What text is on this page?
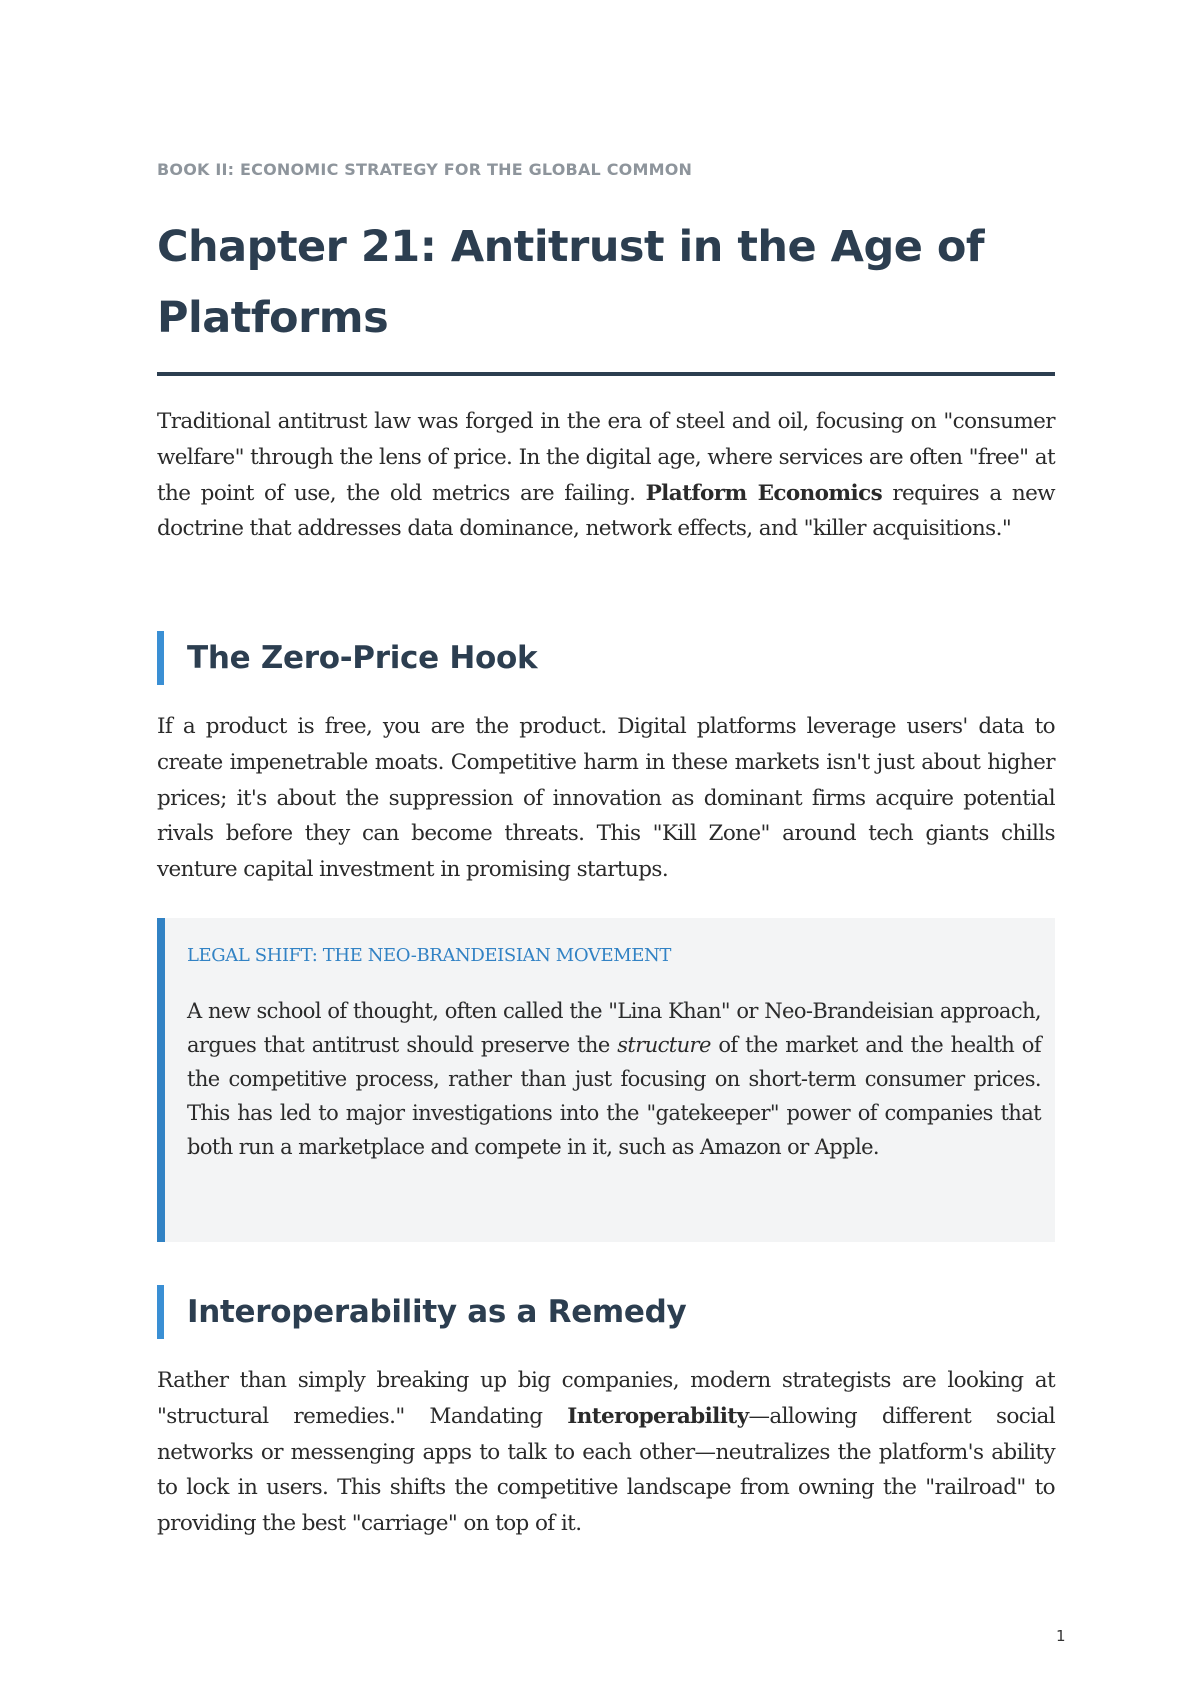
BOOK II: ECONOMIC STRATEGY FOR THE GLOBAL COMMON
Chapter 21: Antitrust in the Age of Platforms

Traditional antitrust law was forged in the era of steel and oil, focusing on "consumer welfare" through the lens of price. In the digital age, where services are often "free" at the point of use, the old metrics are failing. Platform Economics requires a new doctrine that addresses data dominance, network effects, and "killer acquisitions."

The Zero-Price Hook

If a product is free, you are the product. Digital platforms leverage users' data to create impenetrable moats. Competitive harm in these markets isn't just about higher prices; it's about the suppression of innovation as dominant firms acquire potential rivals before they can become threats. This "Kill Zone" around tech giants chills venture capital investment in promising startups.

LEGAL SHIFT: THE NEO-BRANDEISIAN MOVEMENT

A new school of thought, often called the "Lina Khan" or Neo-Brandeisian approach, argues that antitrust should preserve the structure of the market and the health of the competitive process, rather than just focusing on short-term consumer prices. This has led to major investigations into the "gatekeeper" power of companies that both run a marketplace and compete in it, such as Amazon or Apple.

Interoperability as a Remedy

Rather than simply breaking up big companies, modern strategists are looking at "structural remedies." Mandating Interoperability—allowing different social networks or messenging apps to talk to each other—neutralizes the platform's ability to lock in users. This shifts the competitive landscape from owning the "railroad" to providing the best "carriage" on top of it.

1
